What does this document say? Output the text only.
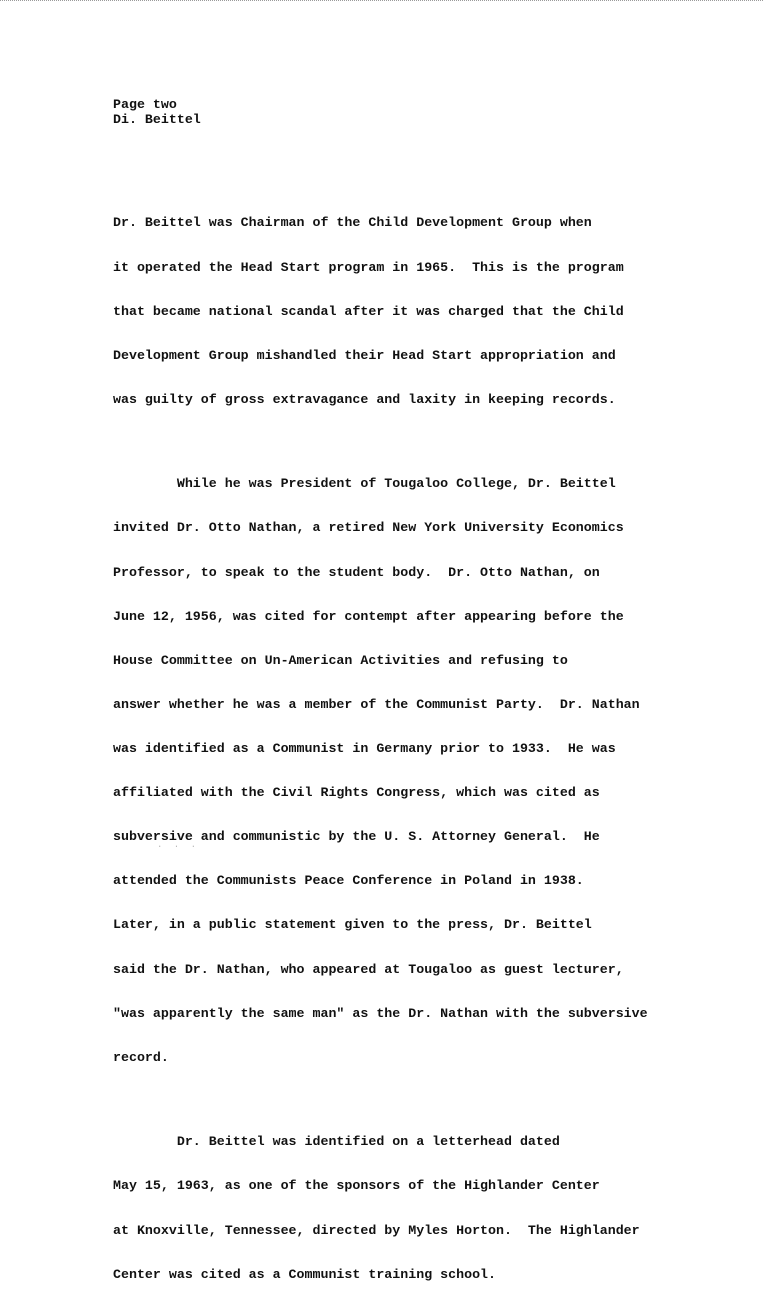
Page two
Di. Beittel

Dr. Beittel was Chairman of the Child Development Group when

it operated the Head Start program in 1965.  This is the program

that became national scandal after it was charged that the Child

Development Group mishandled their Head Start appropriation and

was guilty of gross extravagance and laxity in keeping records.

While he was President of Tougaloo College, Dr. Beittel

invited Dr. Otto Nathan, a retired New York University Economics

Professor, to speak to the student body.  Dr. Otto Nathan, on

June 12, 1956, was cited for contempt after appearing before the

House Committee on Un-American Activities and refusing to

answer whether he was a member of the Communist Party.  Dr. Nathan

was identified as a Communist in Germany prior to 1933.  He was

affiliated with the Civil Rights Congress, which was cited as

subversive and communistic by the U. S. Attorney General.  He

attended the Communists Peace Conference in Poland in 1938.

Later, in a public statement given to the press, Dr. Beittel

said the Dr. Nathan, who appeared at Tougaloo as guest lecturer,

"was apparently the same man" as the Dr. Nathan with the subversive

record.

Dr. Beittel was identified on a letterhead dated

May 15, 1963, as one of the sponsors of the Highlander Center

at Knoxville, Tennessee, directed by Myles Horton.  The Highlander

Center was cited as a Communist training school.

· · ·
